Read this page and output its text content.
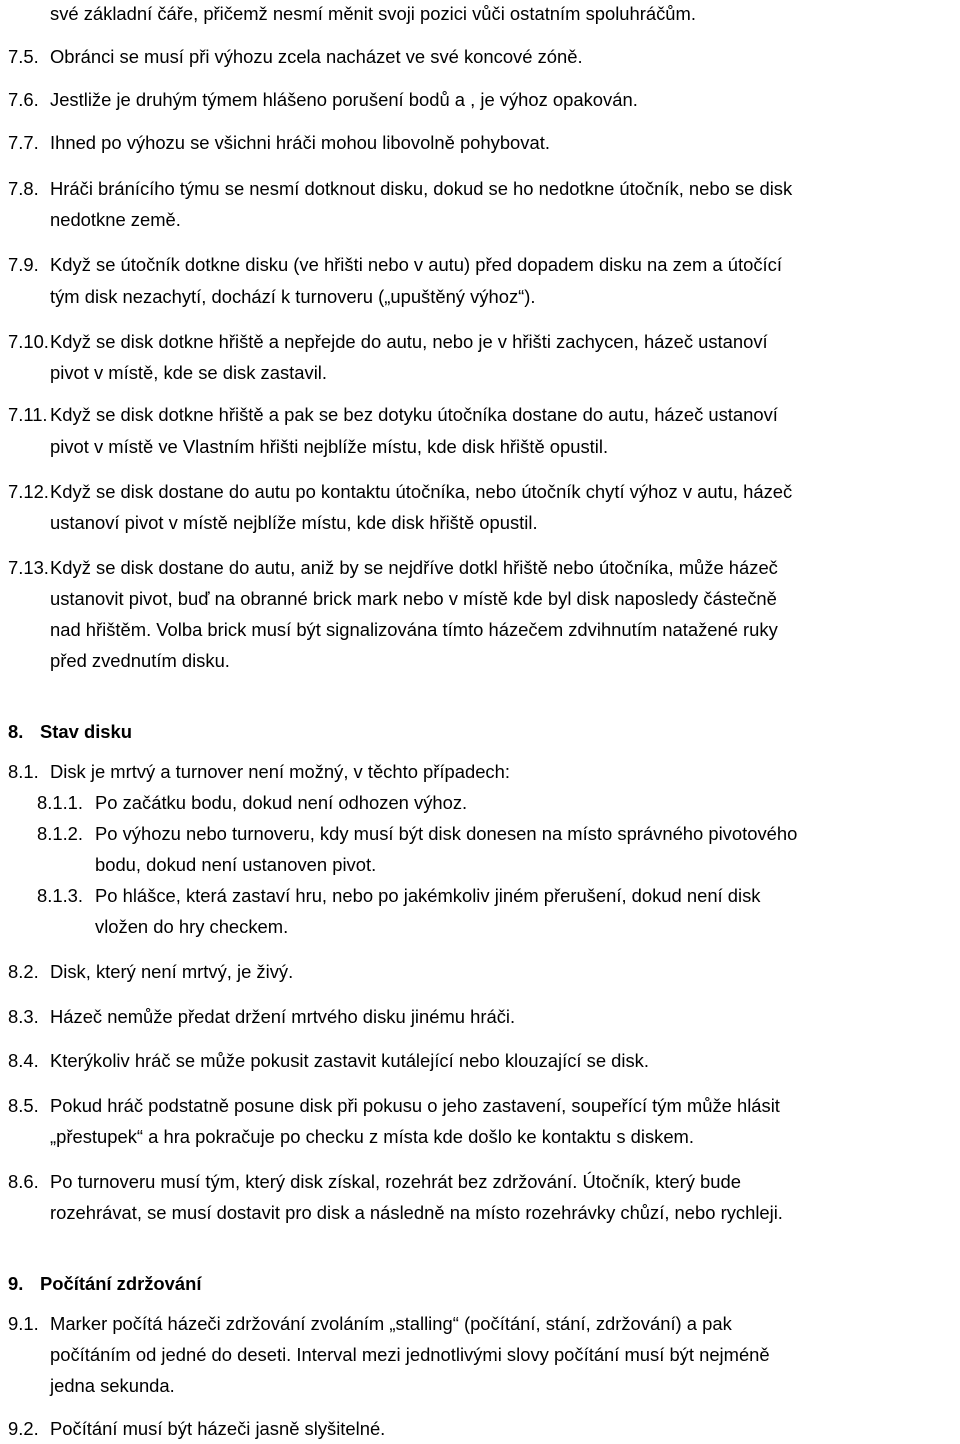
své základní čáře, přičemž nesmí měnit svoji pozici vůči ostatním spoluhráčům.
7.5. Obránci se musí při výhozu zcela nacházet ve své koncové zóně.
7.6. Jestliže je druhým týmem hlášeno porušení bodů a , je výhoz opakován.
7.7. Ihned po výhozu se všichni hráči mohou libovolně pohybovat.
7.8. Hráči bránícího týmu se nesmí dotknout disku, dokud se ho nedotkne útočník, nebo se disk
nedotkne země.
7.9. Když se útočník dotkne disku (ve hřišti nebo v autu) před dopadem disku na zem a útočící
tým disk nezachytí, dochází k turnoveru („upuštěný výhoz“).
7.10. Když se disk dotkne hřiště a nepřejde do autu, nebo je v hřišti zachycen, házeč ustanoví
pivot v místě, kde se disk zastavil.
7.11. Když se disk dotkne hřiště a pak se bez dotyku útočníka dostane do autu, házeč ustanoví
pivot v místě ve Vlastním hřišti nejblíže místu, kde disk hřiště opustil.
7.12. Když se disk dostane do autu po kontaktu útočníka, nebo útočník chytí výhoz v autu, házeč
ustanoví pivot v místě nejblíže místu, kde disk hřiště opustil.
7.13. Když se disk dostane do autu, aniž by se nejdříve dotkl hřiště nebo útočníka, může házeč
ustanovit pivot, buď na obranné brick mark nebo v místě kde byl disk naposledy částečně
nad hřištěm. Volba brick musí být signalizována tímto házečem zdvihnutím natažené ruky
před zvednutím disku.
8. Stav disku
8.1. Disk je mrtvý a turnover není možný, v těchto případech:
8.1.1. Po začátku bodu, dokud není odhozen výhoz.
8.1.2. Po výhozu nebo turnoveru, kdy musí být disk donesen na místo správného pivotového
bodu, dokud není ustanoven pivot.
8.1.3. Po hlášce, která zastaví hru, nebo po jakémkoliv jiném přerušení, dokud není disk
vložen do hry checkem.
8.2. Disk, který není mrtvý, je živý.
8.3. Házeč nemůže předat držení mrtvého disku jinému hráči.
8.4. Kterýkoliv hráč se může pokusit zastavit kutálející nebo klouzající se disk.
8.5. Pokud hráč podstatně posune disk při pokusu o jeho zastavení, soupeřící tým může hlásit
„přestupek“ a hra pokračuje po checku z místa kde došlo ke kontaktu s diskem.
8.6. Po turnoveru musí tým, který disk získal, rozehrát bez zdržování. Útočník, který bude
rozehrávat, se musí dostavit pro disk a následně na místo rozehrávky chůzí, nebo rychleji.
9. Počítání zdržování
9.1. Marker počítá házeči zdržování zvoláním „stalling“ (počítání, stání, zdržování) a pak
počítáním od jedné do deseti. Interval mezi jednotlivými slovy počítání musí být nejméně
jedna sekunda.
9.2. Počítání musí být házeči jasně slyšitelné.
